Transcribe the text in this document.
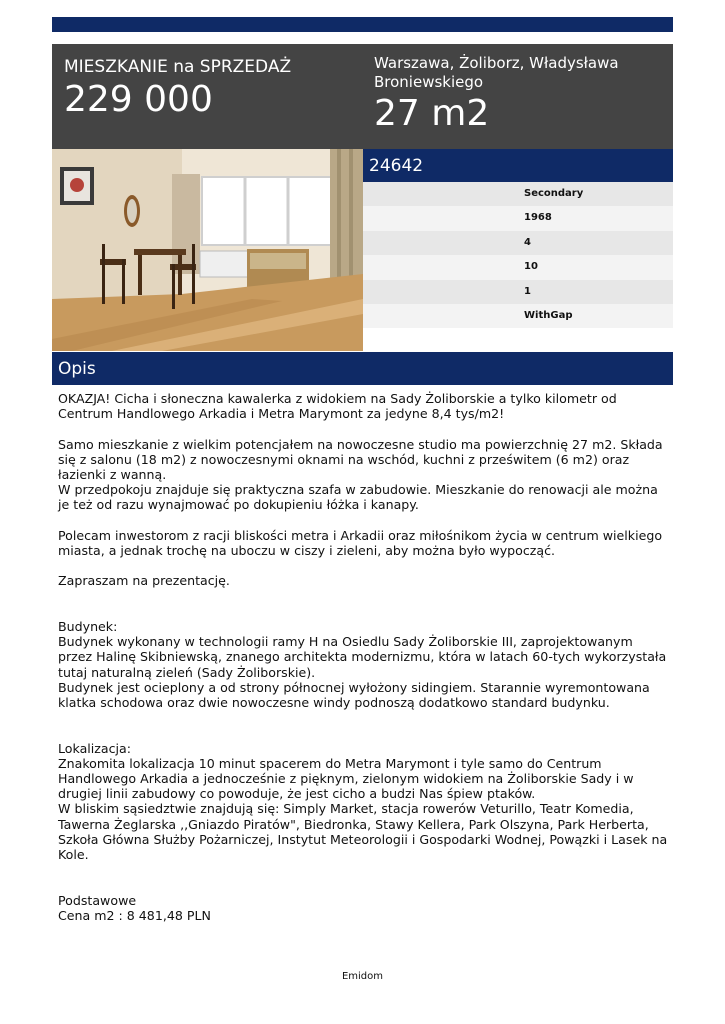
MIESZKANIE na SPRZEDAŻ
229 000
Warszawa, Żoliborz, Władysława Broniewskiego
27 m2
24642
Secondary
1968
4
10
1
WithGap
Opis
OKAZJA! Cicha i słoneczna kawalerka z widokiem na Sady Żoliborskie a tylko kilometr od Centrum Handlowego Arkadia i Metra Marymont za jedyne 8,4 tys/m2!

Samo mieszkanie z wielkim potencjałem na nowoczesne studio ma powierzchnię 27 m2. Składa się z salonu (18 m2) z nowoczesnymi oknami na wschód, kuchni z prześwitem (6 m2) oraz łazienki z wanną.
W przedpokoju znajduje się praktyczna szafa w zabudowie. Mieszkanie do renowacji ale można je też od razu wynajmować po dokupieniu łóżka i kanapy.

Polecam inwestorom z racji bliskości metra i Arkadii oraz miłośnikom życia w centrum wielkiego miasta, a jednak trochę na uboczu w ciszy i zieleni, aby można było wypocząć.

Zapraszam na prezentację.

Budynek:
Budynek wykonany w technologii ramy H na Osiedlu Sady Żoliborskie III, zaprojektowanym przez Halinę Skibniewską, znanego architekta modernizmu, która w latach 60-tych wykorzystała tutaj naturalną zieleń (Sady Żoliborskie).
Budynek jest ocieplony a od strony północnej wyłożony sidingiem. Starannie wyremontowana klatka schodowa oraz dwie nowoczesne windy podnoszą dodatkowo standard budynku.

Lokalizacja:
Znakomita lokalizacja 10 minut spacerem do Metra Marymont i tyle samo do Centrum Handlowego Arkadia a jednocześnie z pięknym, zielonym widokiem na Żoliborskie Sady i w drugiej linii zabudowy co powoduje, że jest cicho a budzi Nas śpiew ptaków.
W bliskim sąsiedztwie znajdują się: Simply Market, stacja rowerów Veturillo, Teatr Komedia, Tawerna Żeglarska ,,Gniazdo Piratów", Biedronka, Stawy Kellera, Park Olszyna, Park Herberta, Szkoła Główna Służby Pożarniczej, Instytut Meteorologii i Gospodarki Wodnej, Powązki i Lasek na Kole.

Podstawowe
Cena m2 : 8 481,48 PLN
Emidom
